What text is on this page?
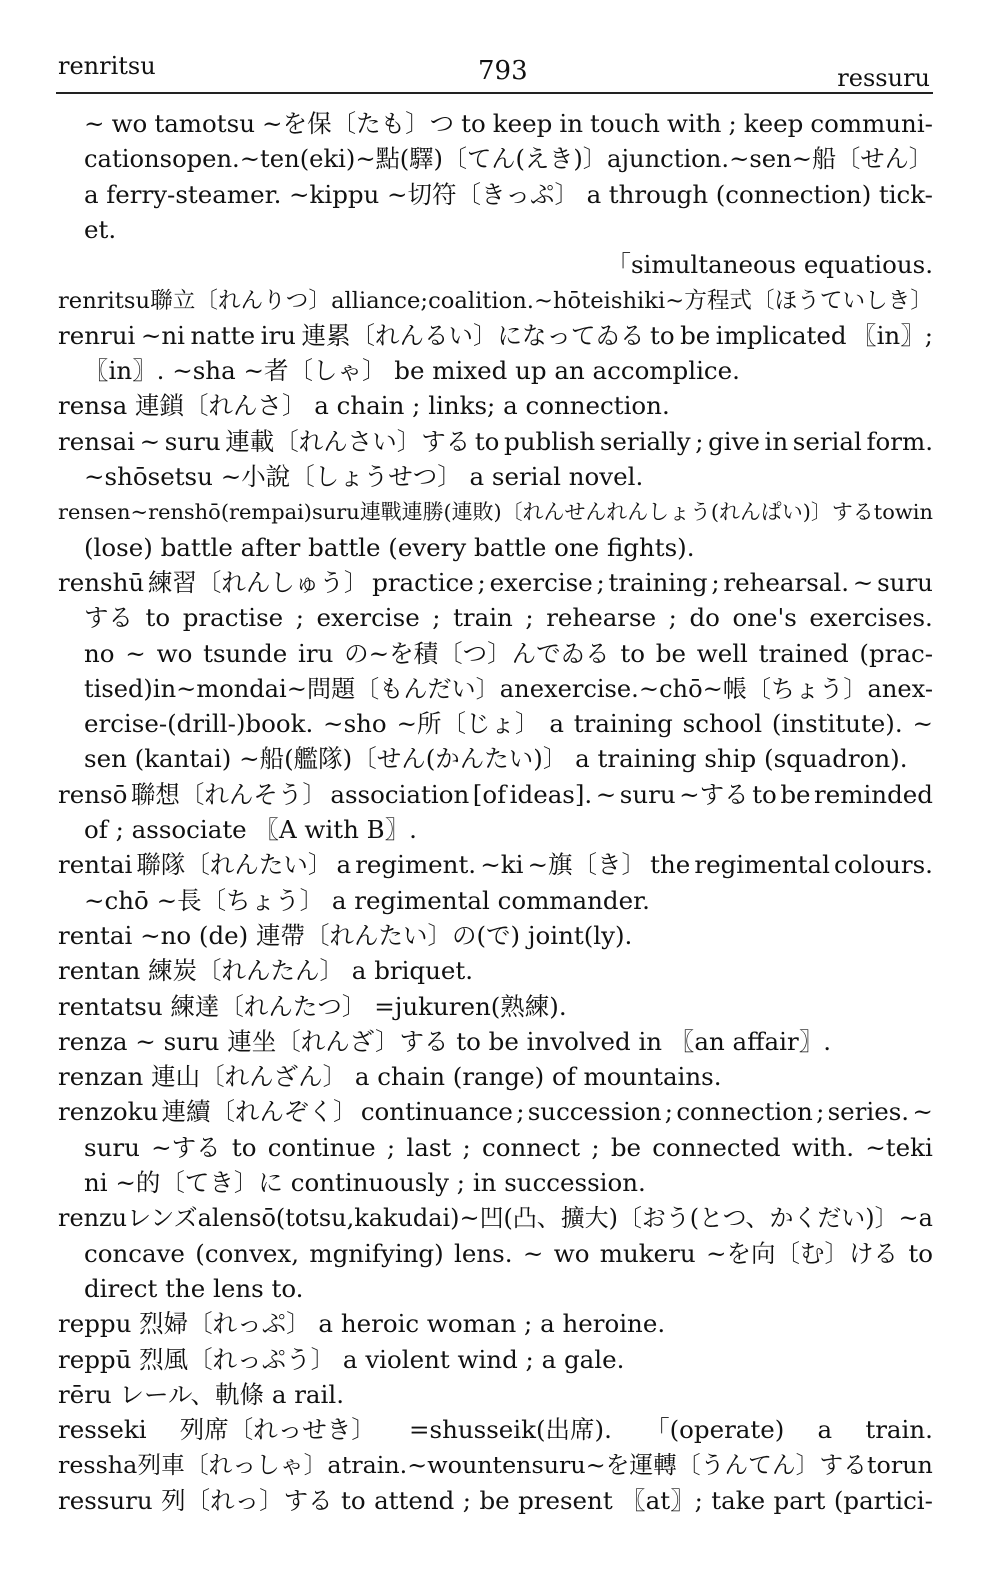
renritsu	793	ressuru
~ wo tamotsu ~を保〔たも〕つ to keep in touch with ; keep communi-
cations open. ~ten (eki) ~點(驛)〔てん(えき)〕 a junction. ~sen ~船〔せん〕
a ferry-steamer. ~kippu ~切符〔きっぷ〕 a through (connection) tick-
et.
「simultaneous equatious.
renritsu 聯立〔れんりつ〕 alliance ; coalition. ~hōteishiki ~方程式〔ほうていしき〕
renrui ~ni natte iru 連累〔れんるい〕になってゐる to be implicated 〖in〗;
〖in〗. ~sha ~者〔しゃ〕 be mixed up an accomplice.
rensa 連鎖〔れんさ〕 a chain ; links; a connection.
rensai ~ suru 連載〔れんさい〕する to publish serially ; give in serial form.
~shōsetsu ~小說〔しょうせつ〕 a serial novel.
rensen ~renshō (rempai) suru 連戰連勝(連敗)〔れんせんれんしょう(れんぱい)〕する to win
(lose) battle after battle (every battle one fights).
renshū 練習〔れんしゅう〕 practice ; exercise ; training ; rehearsal. ~ suru
する to practise ; exercise ; train ; rehearse ; do one's exercises.
no ~ wo tsunde iru の~を積〔つ〕んでゐる to be well trained (prac-
tised) in ~mondai ~問題〔もんだい〕 an exercise. ~chō ~帳〔ちょう〕 an ex-
ercise-(drill-)book. ~sho ~所〔じょ〕 a training school (institute). ~
sen (kantai) ~船(艦隊)〔せん(かんたい)〕 a training ship (squadron).
rensō 聯想〔れんそう〕 association [of ideas]. ~ suru ~する to be reminded
of ; associate 〖A with B〗.
rentai 聯隊〔れんたい〕 a regiment. ~ki ~旗〔き〕 the regimental colours.
~chō ~長〔ちょう〕 a regimental commander.
rentai ~no (de) 連帶〔れんたい〕の(で) joint(ly).
rentan 練炭〔れんたん〕 a briquet.
rentatsu 練達〔れんたつ〕 =jukuren(熟練).
renza ~ suru 連坐〔れんざ〕する to be involved in 〖an affair〗.
renzan 連山〔れんざん〕 a chain (range) of mountains.
renzoku 連續〔れんぞく〕 continuance ; succession ; connection ; series. ~
suru ~する to continue ; last ; connect ; be connected with. ~teki
ni ~的〔てき〕に continuously ; in succession.
renzu レンズ a lens ō (totsu, kakudai) ~ 凹(凸、擴大)〔おう(とつ、かくだい)〕~ a
concave (convex, mgnifying) lens. ~ wo mukeru ~を向〔む〕ける to
direct the lens to.
reppu 烈婦〔れっぷ〕 a heroic woman ; a heroine.
reppū 烈風〔れっぷう〕 a violent wind ; a gale.
rēru レール、軌條 a rail.
resseki 列席〔れっせき〕 =shusseik(出席). 「(operate) a train.
ressha 列車〔れっしゃ〕 a train. ~ wo unten suru ~を運轉〔うんてん〕する to run
ressuru 列〔れっ〕する to attend ; be present 〖at〗; take part (partici-
